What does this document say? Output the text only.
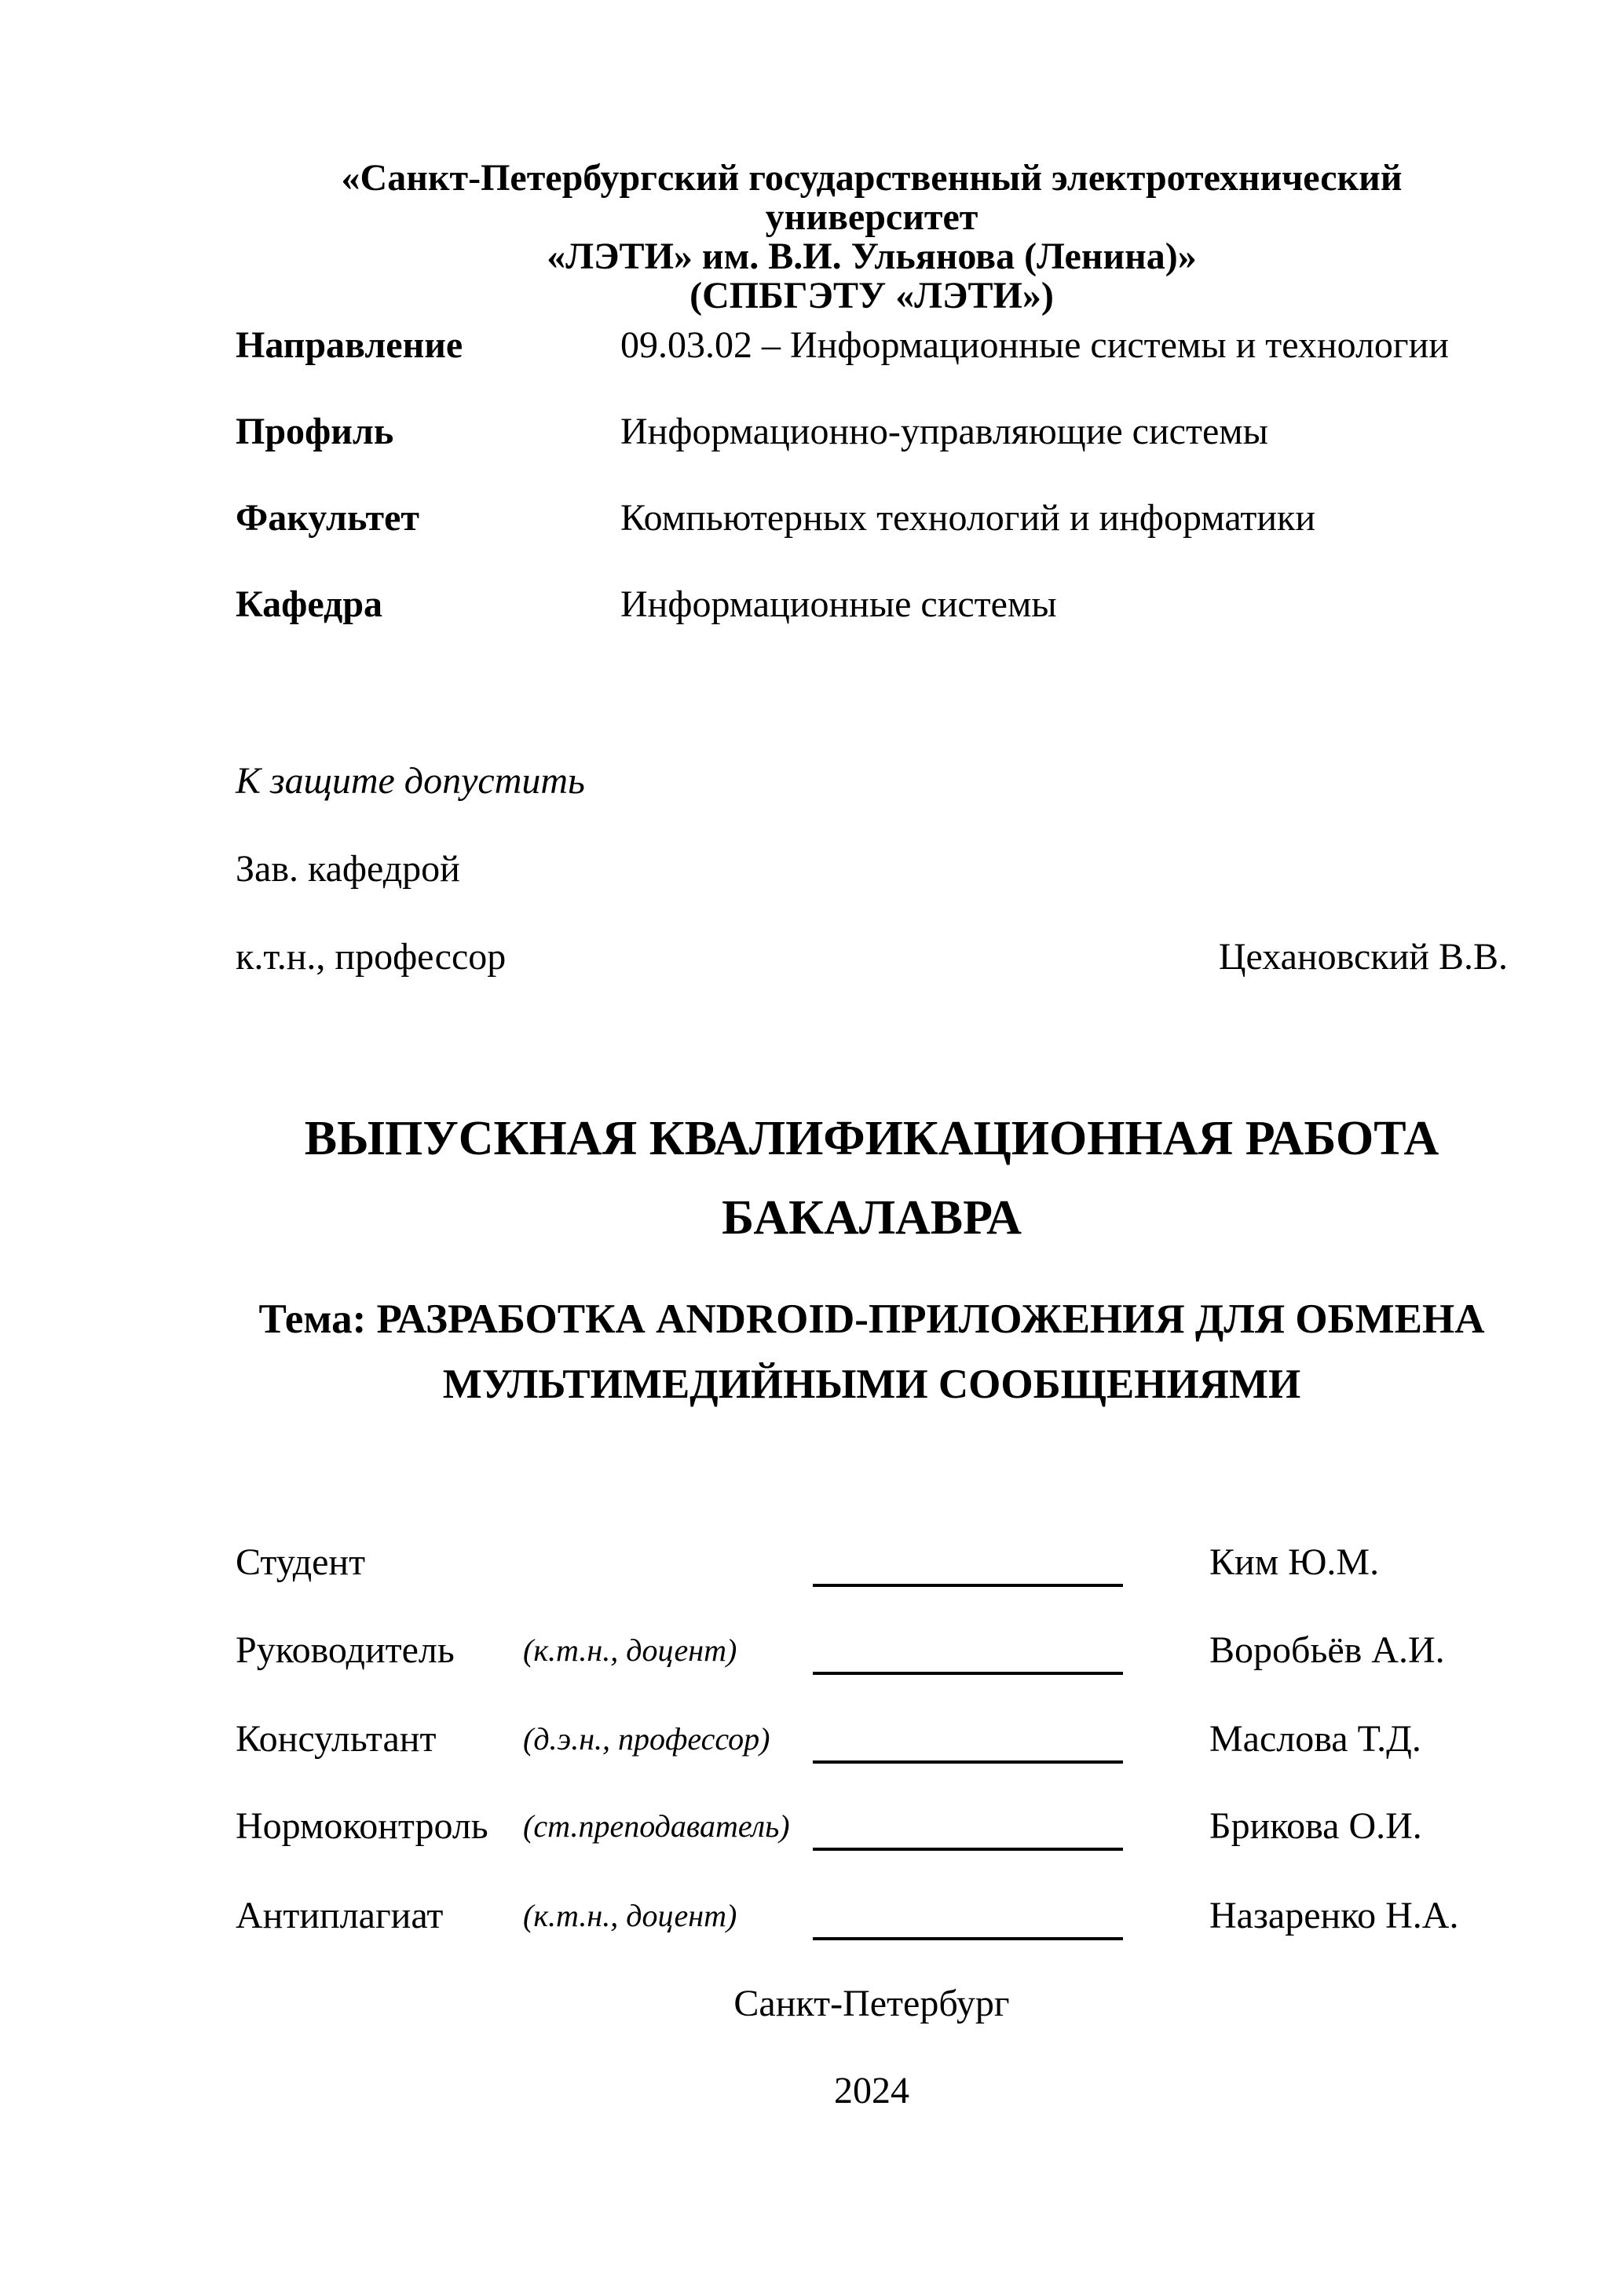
«Санкт-Петербургский государственный электротехнический университет
«ЛЭТИ» им. В.И. Ульянова (Ленина)»
(СПБГЭТУ «ЛЭТИ»)
Направление	09.03.02 – Информационные системы и технологии
Профиль	Информационно-управляющие системы
Факультет	Компьютерных технологий и информатики
Кафедра	Информационные системы
К защите допустить
Зав. кафедрой
к.т.н., профессор	Цехановский В.В.
ВЫПУСКНАЯ КВАЛИФИКАЦИОННАЯ РАБОТА
БАКАЛАВРА
Тема: РАЗРАБОТКА ANDROID-ПРИЛОЖЕНИЯ ДЛЯ ОБМЕНА
МУЛЬТИМЕДИЙНЫМИ СООБЩЕНИЯМИ
Студент	Ким Ю.М.
Руководитель (к.т.н., доцент)	Воробьёв А.И.
Консультант	(д.э.н., профессор)	Маслова Т.Д.
Нормоконтроль (ст.преподаватель)	Брикова О.И.
Антиплагиат	(к.т.н., доцент)	Назаренко Н.А.
Санкт-Петербург
2024
